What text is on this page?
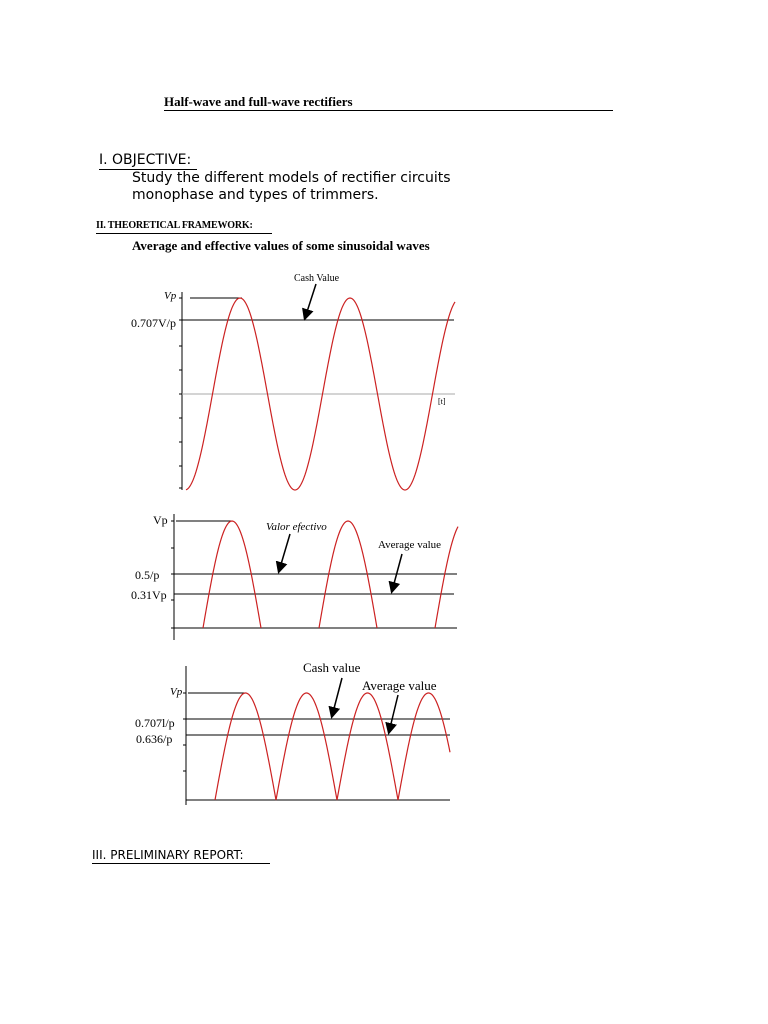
Half-wave and full-wave rectifiers
I. OBJECTIVE:
Study the different models of rectifier circuits
monophase and types of trimmers.
II. THEORETICAL FRAMEWORK:
Average and effective values of some sinusoidal waves
Vp
0.707V/p
Cash Value
[t]
Vp
0.5/p
0.31Vp
Valor efectivo
Average value
Vp
0.707l/p
0.636/p
Cash value
Average value
III. PRELIMINARY REPORT:
